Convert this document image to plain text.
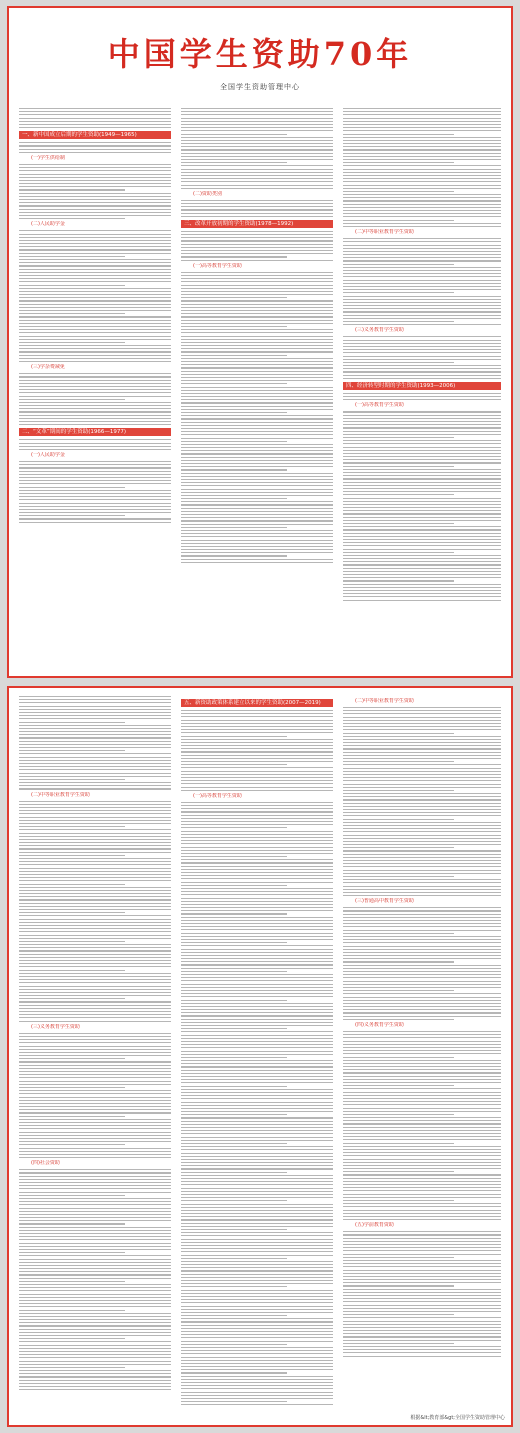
中国学生资助70年
全国学生资助管理中心
一、新中国成立后期的学生资助(1949—1965)
(一)学生供给制
(二)人民助学金
(三)学杂费减免
二、“文革”期间的学生资助(1966—1977)
(一)人民助学金
(二)资助类别
三、改革开放初期的学生资助(1978—1992)
(一)高等教育学生资助
(二)中等职业教育学生资助
(三)义务教育学生资助
四、经济转型时期的学生资助(1993—2006)
(一)高等教育学生资助
(二)中等职业教育学生资助
(三)义务教育学生资助
(四)社会资助
五、新资助政策体系建立以来的学生资助(2007—2019)
(一)高等教育学生资助
(二)中等职业教育学生资助
(三)普通高中教育学生资助
(四)义务教育学生资助
(五)学前教育资助
根据&lt;教育部&gt;全国学生资助管理中心
